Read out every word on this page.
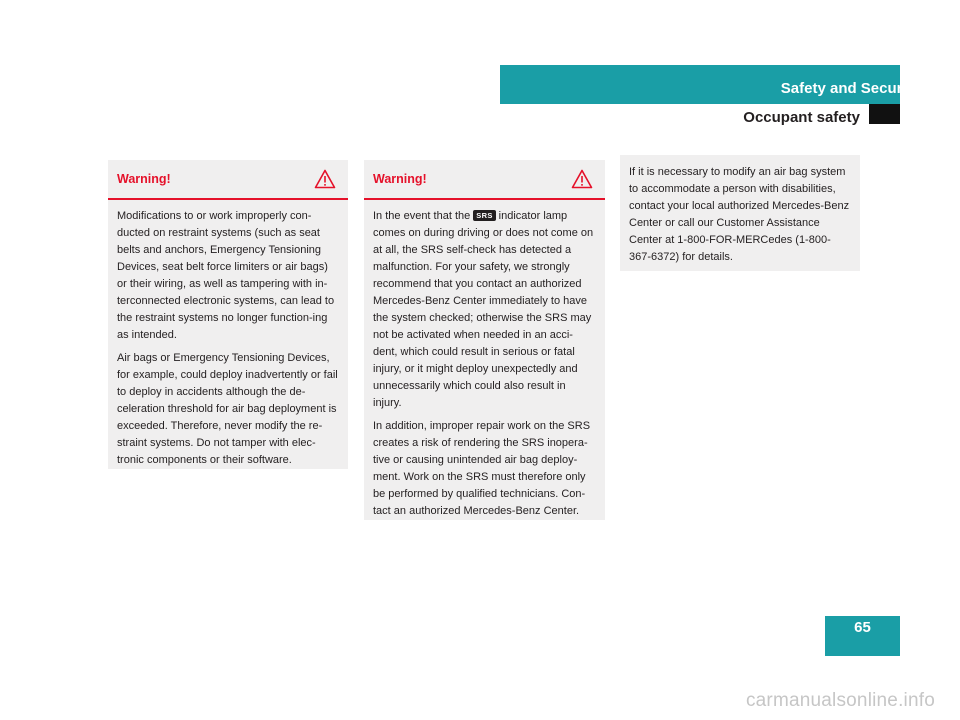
Safety and Security
Occupant safety
Warning!

Modifications to or work improperly con-ducted on restraint systems (such as seat belts and anchors, Emergency Tensioning Devices, seat belt force limiters or air bags) or their wiring, as well as tampering with in-terconnected electronic systems, can lead to the restraint systems no longer function-ing as intended.

Air bags or Emergency Tensioning Devices, for example, could deploy inadvertently or fail to deploy in accidents although the de-celeration threshold for air bag deployment is exceeded. Therefore, never modify the re-straint systems. Do not tamper with elec-tronic components or their software.

Warning!

In the event that the SRS indicator lamp comes on during driving or does not come on at all, the SRS self-check has detected a malfunction. For your safety, we strongly recommend that you contact an authorized Mercedes-Benz Center immediately to have the system checked; otherwise the SRS may not be activated when needed in an acci-dent, which could result in serious or fatal injury, or it might deploy unexpectedly and unnecessarily which could also result in injury.

In addition, improper repair work on the SRS creates a risk of rendering the SRS inopera-tive or causing unintended air bag deploy-ment. Work on the SRS must therefore only be performed by qualified technicians. Con-tact an authorized Mercedes-Benz Center.

If it is necessary to modify an air bag system to accommodate a person with disabilities, contact your local authorized Mercedes-Benz Center or call our Customer Assistance Center at 1-800-FOR-MERCedes (1-800-367-6372) for details.

65
carmanualsonline.info
